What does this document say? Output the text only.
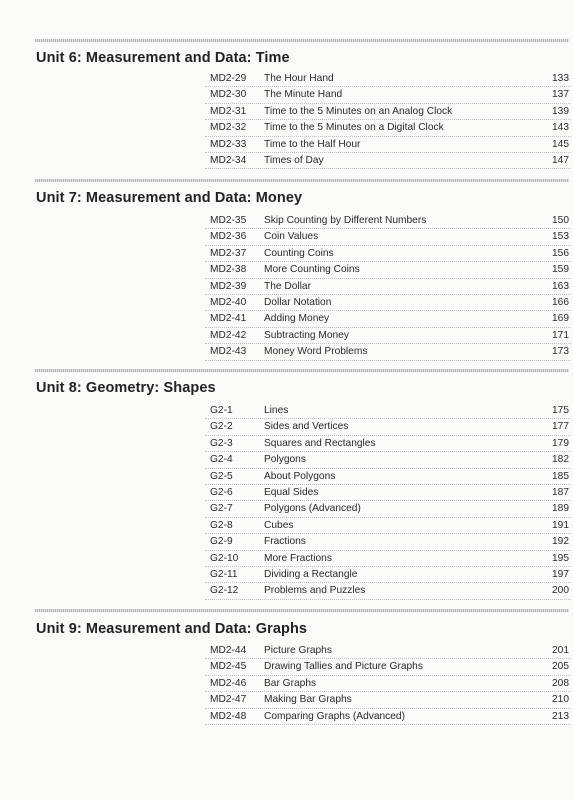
Unit 6: Measurement and Data: Time
MD2-29 The Hour Hand	133
MD2-30 The Minute Hand	137
MD2-31 Time to the 5 Minutes on an Analog Clock	139
MD2-32 Time to the 5 Minutes on a Digital Clock	143
MD2-33 Time to the Half Hour	145
MD2-34 Times of Day	147
Unit 7: Measurement and Data: Money
MD2-35 Skip Counting by Different Numbers	150
MD2-36 Coin Values	153
MD2-37 Counting Coins	156
MD2-38 More Counting Coins	159
MD2-39 The Dollar	163
MD2-40 Dollar Notation	166
MD2-41 Adding Money	169
MD2-42 Subtracting Money	171
MD2-43 Money Word Problems	173
Unit 8: Geometry: Shapes
G2-1	Lines	175
G2-2	Sides and Vertices	177
G2-3	Squares and Rectangles	179
G2-4	Polygons	182
G2-5	About Polygons	185
G2-6	Equal Sides	187
G2-7	Polygons (Advanced)	189
G2-8	Cubes	191
G2-9	Fractions	192
G2-10	More Fractions	195
G2-11	Dividing a Rectangle	197
G2-12	Problems and Puzzles	200
Unit 9: Measurement and Data: Graphs
MD2-44 Picture Graphs	201
MD2-45 Drawing Tallies and Picture Graphs	205
MD2-46 Bar Graphs	208
MD2-47 Making Bar Graphs	210
MD2-48 Comparing Graphs (Advanced)	213
